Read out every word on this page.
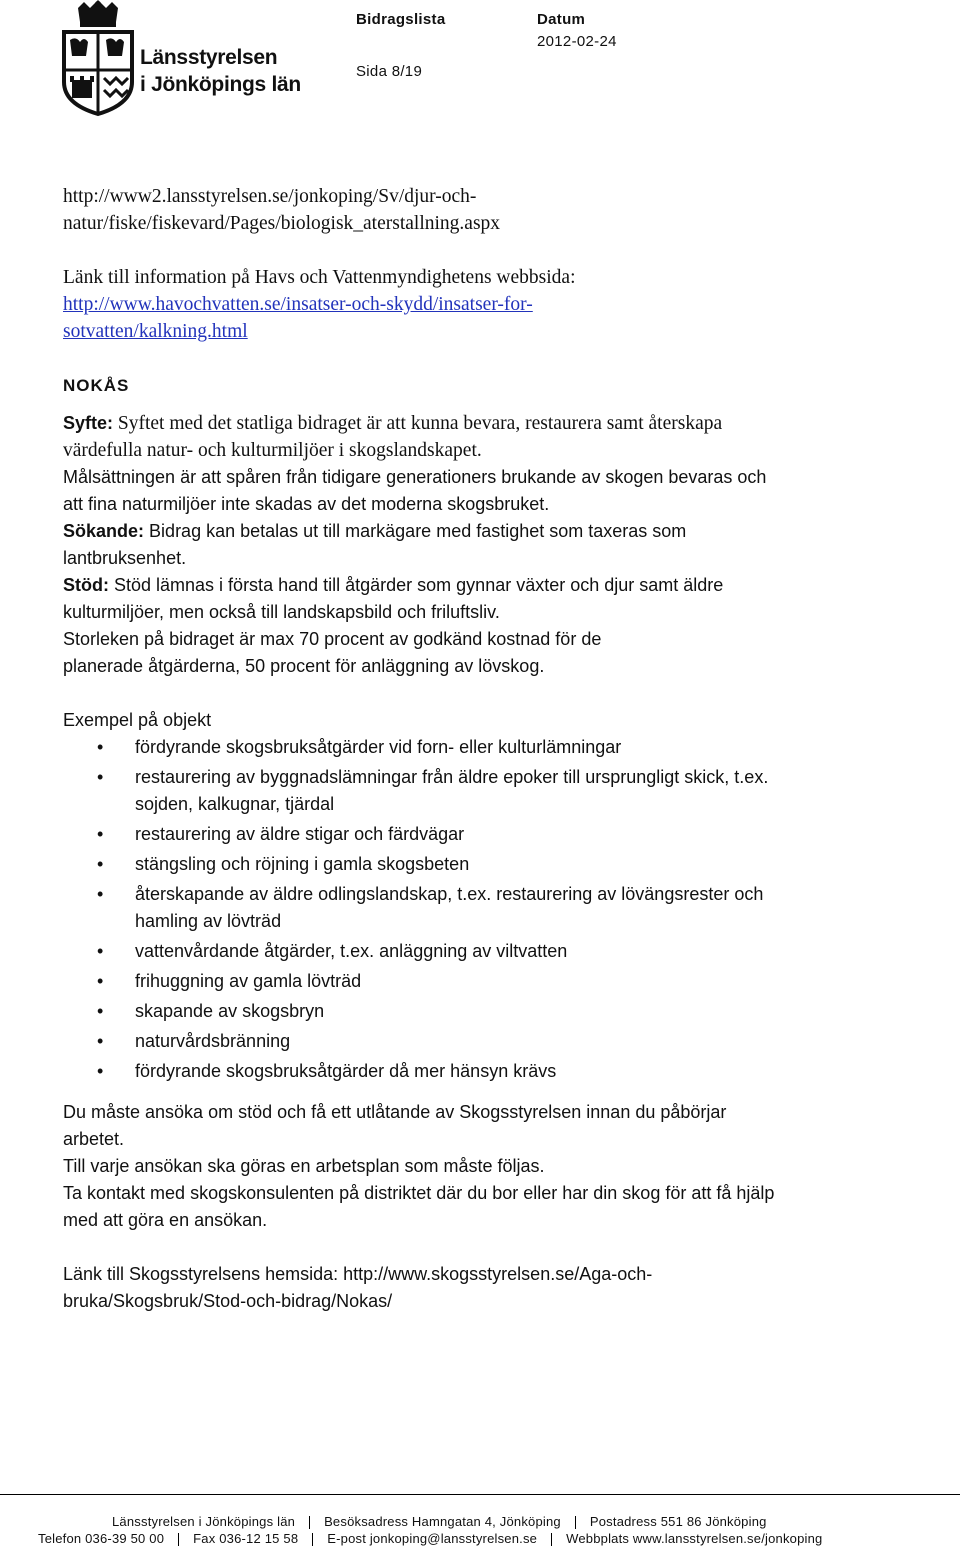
Länsstyrelsen
i Jönköpings län
Bidragslista	Datum
2012-02-24
Sida 8/19

http://www2.lansstyrelsen.se/jonkoping/Sv/djur-och-

natur/fiske/fiskevard/Pages/biologisk_aterstallning.aspx

Länk till information på Havs och Vattenmyndighetens webbsida:

http://www.havochvatten.se/insatser-och-skydd/insatser-for-

sotvatten/kalkning.html

NOKÅS

Syfte: Syftet med det statliga bidraget är att kunna bevara, restaurera samt återskapa värdefulla natur- och kulturmiljöer i skogslandskapet.

Målsättningen är att spåren från tidigare generationers brukande av skogen bevaras och att fina naturmiljöer inte skadas av det moderna skogsbruket.

Sökande: Bidrag kan betalas ut till markägare med fastighet som taxeras som lantbruksenhet.

Stöd: Stöd lämnas i första hand till åtgärder som gynnar växter och djur samt äldre kulturmiljöer, men också till landskapsbild och friluftsliv.

Storleken på bidraget är max 70 procent av godkänd kostnad för de

planerade åtgärderna, 50 procent för anläggning av lövskog.

Exempel på objekt

• fördyrande skogsbruksåtgärder vid forn- eller kulturlämningar
• restaurering av byggnadslämningar från äldre epoker till ursprungligt skick, t.ex. sojden, kalkugnar, tjärdal
• restaurering av äldre stigar och färdvägar
• stängsling och röjning i gamla skogsbeten
• återskapande av äldre odlingslandskap, t.ex. restaurering av lövängsrester och hamling av lövträd
• vattenvårdande åtgärder, t.ex. anläggning av viltvatten
• frihuggning av gamla lövträd
• skapande av skogsbryn
• naturvårdsbränning
• fördyrande skogsbruksåtgärder då mer hänsyn krävs

Du måste ansöka om stöd och få ett utlåtande av Skogsstyrelsen innan du påbörjar arbetet.

Till varje ansökan ska göras en arbetsplan som måste följas.

Ta kontakt med skogskonsulenten på distriktet där du bor eller har din skog för att få hjälp med att göra en ansökan.

Länk till Skogsstyrelsens hemsida: http://www.skogsstyrelsen.se/Aga-och-

bruka/Skogsbruk/Stod-och-bidrag/Nokas/

Länsstyrelsen i Jönköpings län Besöksadress Hamngatan 4, Jönköping Postadress 551 86 Jönköping
Telefon 036-39 50 00 Fax 036-12 15 58 E-post jonkoping@lansstyrelsen.se Webbplats www.lansstyrelsen.se/jonkoping
